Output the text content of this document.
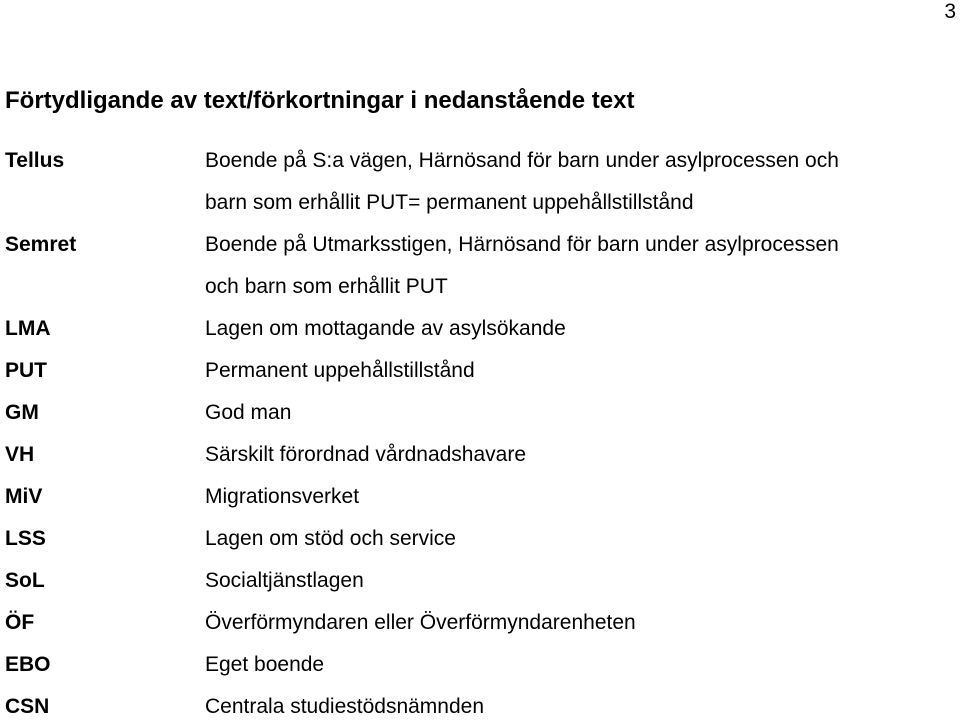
3
Förtydligande av text/förkortningar i nedanstående text
Tellus	Boende på S:a vägen, Härnösand för barn under asylprocessen och
barn som erhållit PUT= permanent uppehållstillstånd
Semret	Boende på Utmarksstigen, Härnösand för barn under asylprocessen
och barn som erhållit PUT
LMA	Lagen om mottagande av asylsökande
PUT	Permanent uppehållstillstånd
GM	God man
VH	Särskilt förordnad vårdnadshavare
MiV	Migrationsverket
LSS	Lagen om stöd och service
SoL	Socialtjänstlagen
ÖF	Överförmyndaren eller Överförmyndarenheten
EBO	Eget boende
CSN	Centrala studiestödsnämnden
